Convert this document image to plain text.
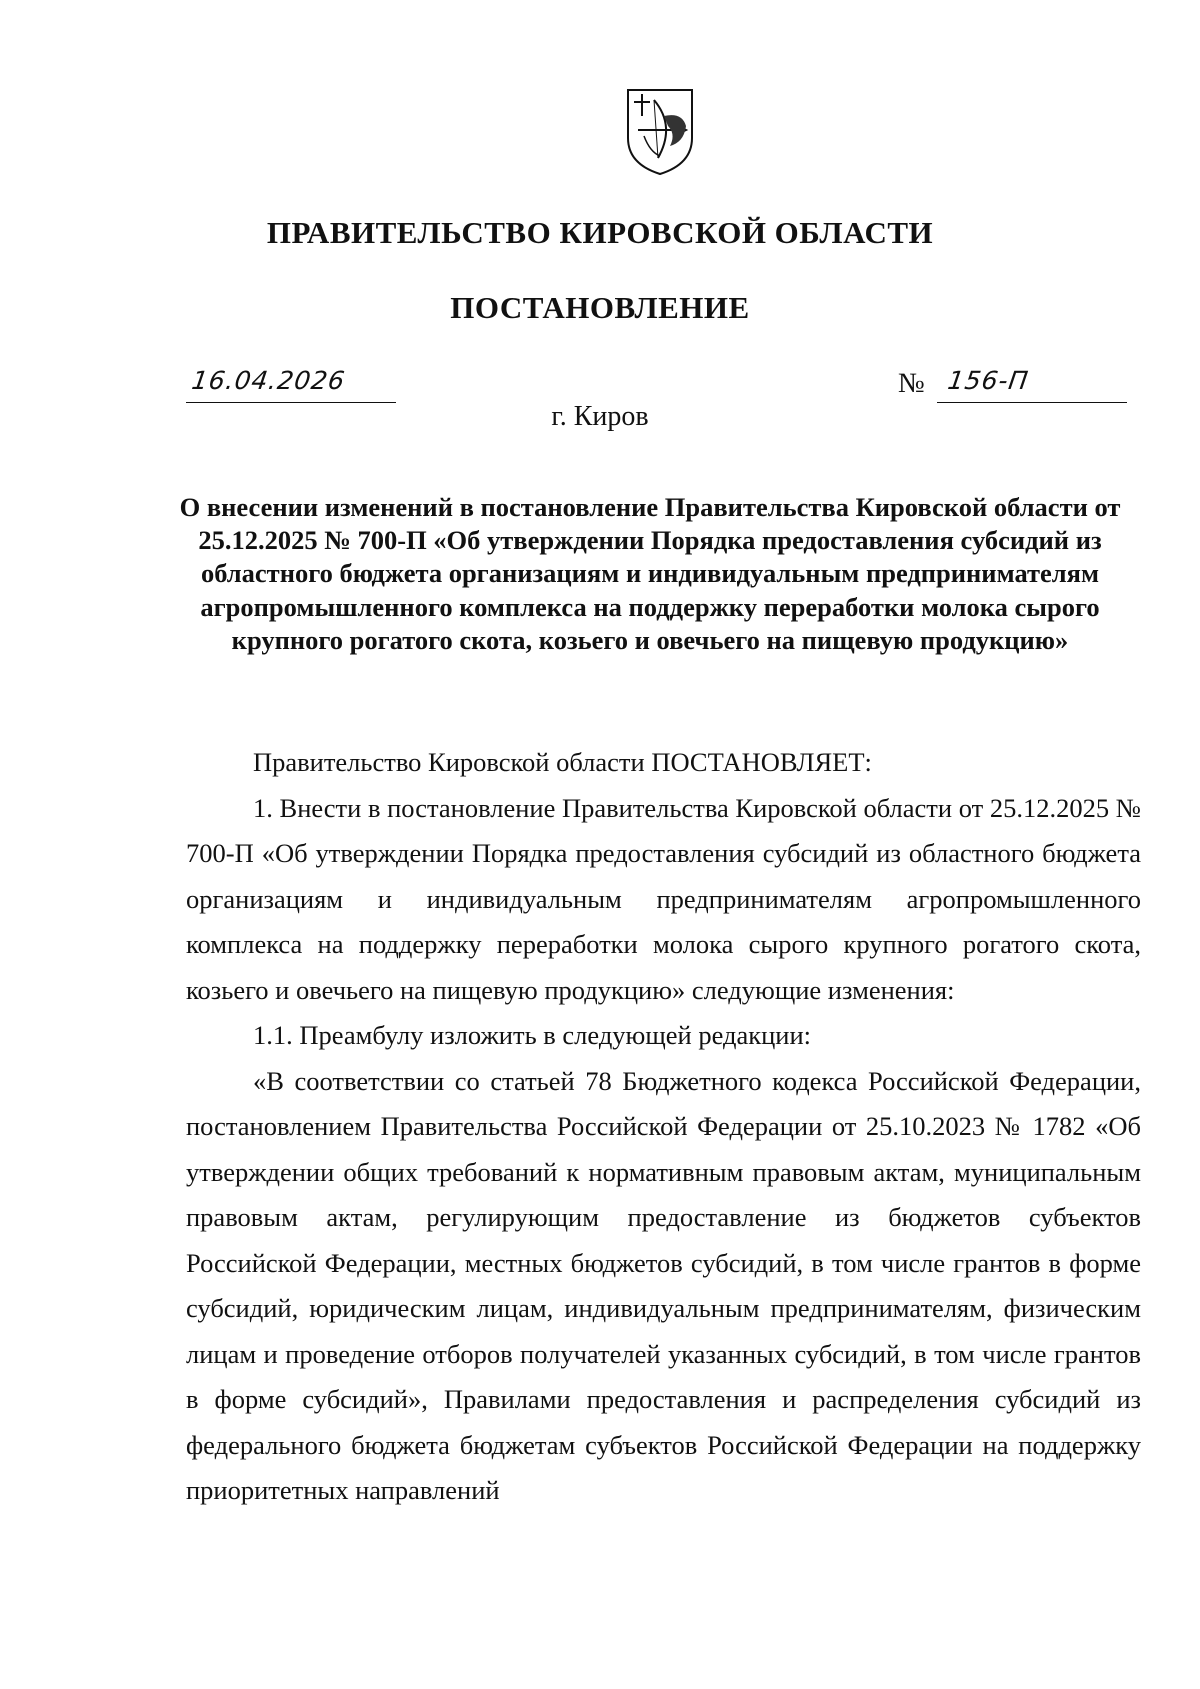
ПРАВИТЕЛЬСТВО КИРОВСКОЙ ОБЛАСТИ
ПОСТАНОВЛЕНИЕ
16.04.2026	№ 156-П
г. Киров
О внесении изменений в постановление Правительства Кировской области от 25.12.2025 № 700-П «Об утверждении Порядка предоставления субсидий из областного бюджета организациям и индивидуальным предпринимателям агропромышленного комплекса на поддержку переработки молока сырого крупного рогатого скота, козьего и овечьего на пищевую продукцию»

Правительство Кировской области ПОСТАНОВЛЯЕТ:

1. Внести в постановление Правительства Кировской области от 25.12.2025 № 700-П «Об утверждении Порядка предоставления субсидий из областного бюджета организациям и индивидуальным предпринимателям агропромышленного комплекса на поддержку переработки молока сырого крупного рогатого скота, козьего и овечьего на пищевую продукцию» следующие изменения:

1.1. Преамбулу изложить в следующей редакции:

«В соответствии со статьей 78 Бюджетного кодекса Российской Федерации, постановлением Правительства Российской Федерации от 25.10.2023 № 1782 «Об утверждении общих требований к нормативным правовым актам, муниципальным правовым актам, регулирующим предоставление из бюджетов субъектов Российской Федерации, местных бюджетов субсидий, в том числе грантов в форме субсидий, юридическим лицам, индивидуальным предпринимателям, физическим лицам и проведение отборов получателей указанных субсидий, в том числе грантов в форме субсидий», Правилами предоставления и распределения субсидий из федерального бюджета бюджетам субъектов Российской Федерации на поддержку приоритетных направлений
